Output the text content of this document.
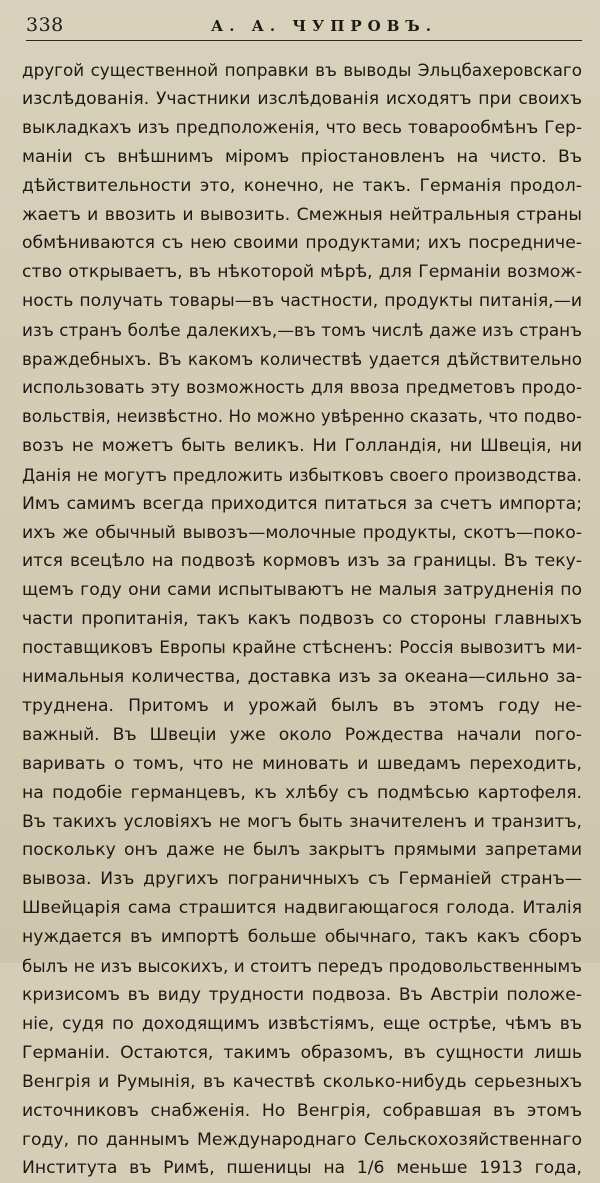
338	А. А. ЧУПРОВЪ.
другой существенной поправки въ выводы Эльцбахеровскаго
изслѣдованія. Участники изслѣдованія исходятъ при своихъ
выкладкахъ изъ предположенія, что весь товарообмѣнъ Гер-
маніи съ внѣшнимъ міромъ пріостановленъ на чисто. Въ
дѣйствительности это, конечно, не такъ. Германія продол-
жаетъ и ввозить и вывозить. Смежныя нейтральныя страны
обмѣниваются съ нею своими продуктами; ихъ посредниче-
ство открываетъ, въ нѣкоторой мѣрѣ, для Германіи возмож-
ность получать товары—въ частности, продукты питанія,—и
изъ странъ болѣе далекихъ,—въ томъ числѣ даже изъ странъ
враждебныхъ. Въ какомъ количествѣ удается дѣйствительно
использовать эту возможность для ввоза предметовъ продо-
вольствія, неизвѣстно. Но можно увѣренно сказать, что подво-
возъ не можетъ быть великъ. Ни Голландія, ни Швеція, ни
Данія не могутъ предложить избытковъ своего производства.
Имъ самимъ всегда приходится питаться за счетъ импорта;
ихъ же обычный вывозъ—молочные продукты, скотъ—поко-
ится всецѣло на подвозѣ кормовъ изъ за границы. Въ теку-
щемъ году они сами испытываютъ не малыя затрудненія по
части пропитанія, такъ какъ подвозъ со стороны главныхъ
поставщиковъ Европы крайне стѣсненъ: Россія вывозитъ ми-
нимальныя количества, доставка изъ за океана—сильно за-
труднена. Притомъ и урожай былъ въ этомъ году не-
важный. Въ Швеціи уже около Рождества начали пого-
варивать о томъ, что не миновать и шведамъ переходить,
на подобіе германцевъ, къ хлѣбу съ подмѣсью картофеля.
Въ такихъ условіяхъ не могъ быть значителенъ и транзитъ,
поскольку онъ даже не былъ закрытъ прямыми запретами
вывоза. Изъ другихъ пограничныхъ съ Германіей странъ—
Швейцарія сама страшится надвигающагося голода. Италія
нуждается въ импортѣ больше обычнаго, такъ какъ сборъ
былъ не изъ высокихъ, и стоитъ передъ продовольственнымъ
кризисомъ въ виду трудности подвоза. Въ Австріи положе-
ніе, судя по доходящимъ извѣстіямъ, еще острѣе, чѣмъ въ
Германіи. Остаются, такимъ образомъ, въ сущности лишь
Венгрія и Румынія, въ качествѣ сколько-нибудь серьезныхъ
источниковъ снабженія. Но Венгрія, собравшая въ этомъ
году, по даннымъ Международнаго Сельскохозяйственнаго
Института въ Римѣ, пшеницы на 1/6 меньше 1913 года,
